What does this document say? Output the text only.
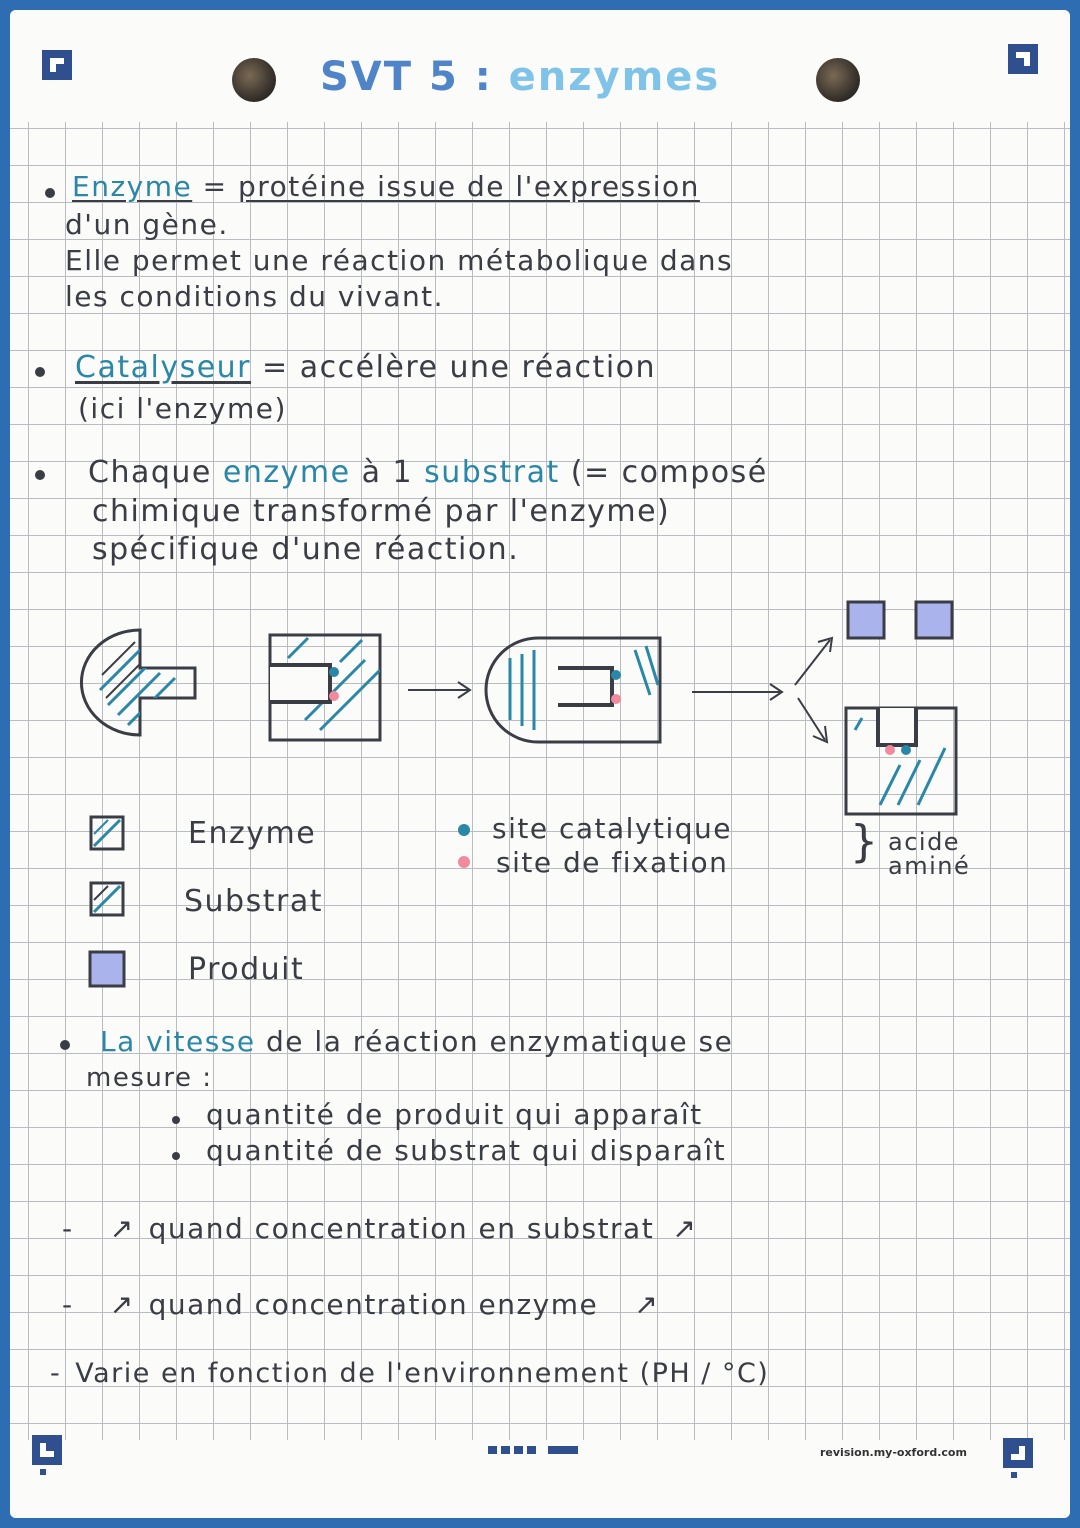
SVT 5 : enzymes
Enzyme = protéine issue de l'expression
d'un gène.
Elle permet une réaction métabolique dans
les conditions du vivant.
Catalyseur = accélère une réaction
(ici l'enzyme)
Chaque enzyme à 1 substrat (= composé
chimique transformé par l'enzyme)
spécifique d'une réaction.
Enzyme
Substrat
Produit
site catalytique
site de fixation	} acide
aminé
La vitesse de la réaction enzymatique se
mesure :
quantité de produit qui apparaît
quantité de substrat qui disparaît
- ↗ quand concentration en substrat ↗
- ↗ quand concentration enzyme ↗
- Varie en fonction de l'environnement (PH / °C)
revision.my-oxford.com
